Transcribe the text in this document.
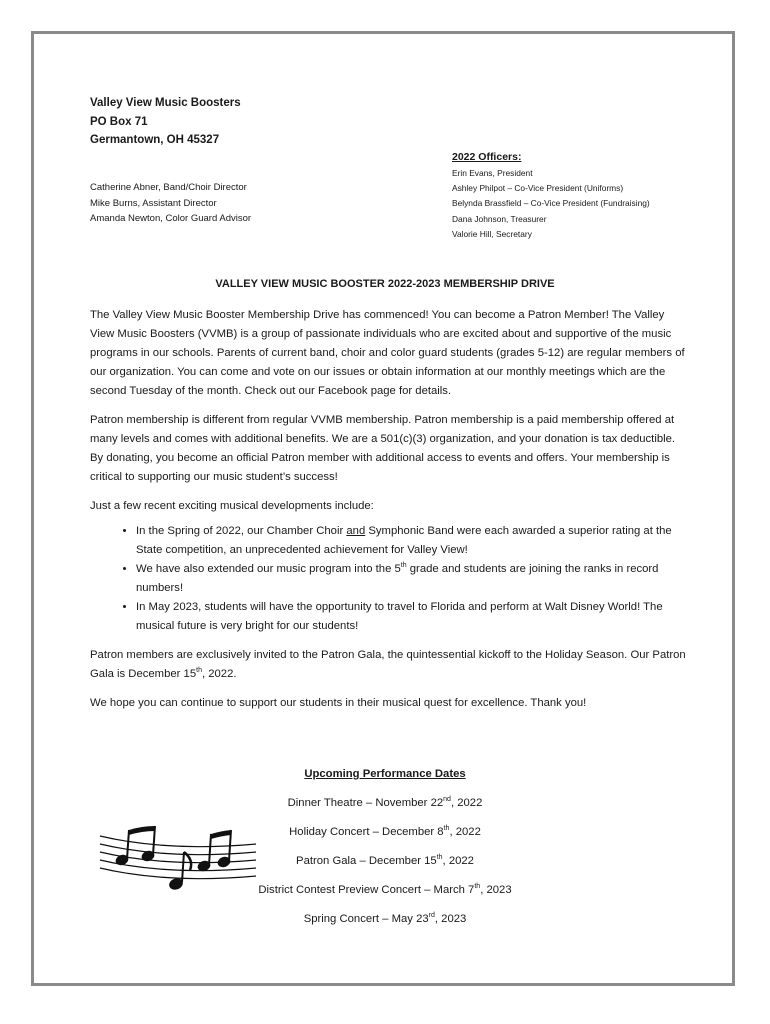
Valley View Music Boosters
PO Box 71
Germantown, OH 45327
Catherine Abner, Band/Choir Director
Mike Burns, Assistant Director
Amanda Newton, Color Guard Advisor
2022 Officers:
Erin Evans, President
Ashley Philpot – Co-Vice President (Uniforms)
Belynda Brassfield – Co-Vice President (Fundraising)
Dana Johnson, Treasurer
Valorie Hill, Secretary
VALLEY VIEW MUSIC BOOSTER 2022-2023 MEMBERSHIP DRIVE

The Valley View Music Booster Membership Drive has commenced! You can become a Patron Member! The Valley View Music Boosters (VVMB) is a group of passionate individuals who are excited about and supportive of the music programs in our schools. Parents of current band, choir and color guard students (grades 5-12) are regular members of our organization. You can come and vote on our issues or obtain information at our monthly meetings which are the second Tuesday of the month. Check out our Facebook page for details.

Patron membership is different from regular VVMB membership. Patron membership is a paid membership offered at many levels and comes with additional benefits. We are a 501(c)(3) organization, and your donation is tax deductible. By donating, you become an official Patron member with additional access to events and offers. Your membership is critical to supporting our music student’s success!

Just a few recent exciting musical developments include:

• In the Spring of 2022, our Chamber Choir and Symphonic Band were each awarded a superior rating at the State competition, an unprecedented achievement for Valley View!
• We have also extended our music program into the 5th grade and students are joining the ranks in record numbers!
• In May 2023, students will have the opportunity to travel to Florida and perform at Walt Disney World! The musical future is very bright for our students!

Patron members are exclusively invited to the Patron Gala, the quintessential kickoff to the Holiday Season. Our Patron Gala is December 15th, 2022.

We hope you can continue to support our students in their musical quest for excellence. Thank you!

Upcoming Performance Dates
Dinner Theatre – November 22nd, 2022
Holiday Concert – December 8th, 2022
Patron Gala – December 15th, 2022
District Contest Preview Concert – March 7th, 2023
Spring Concert – May 23rd, 2023
